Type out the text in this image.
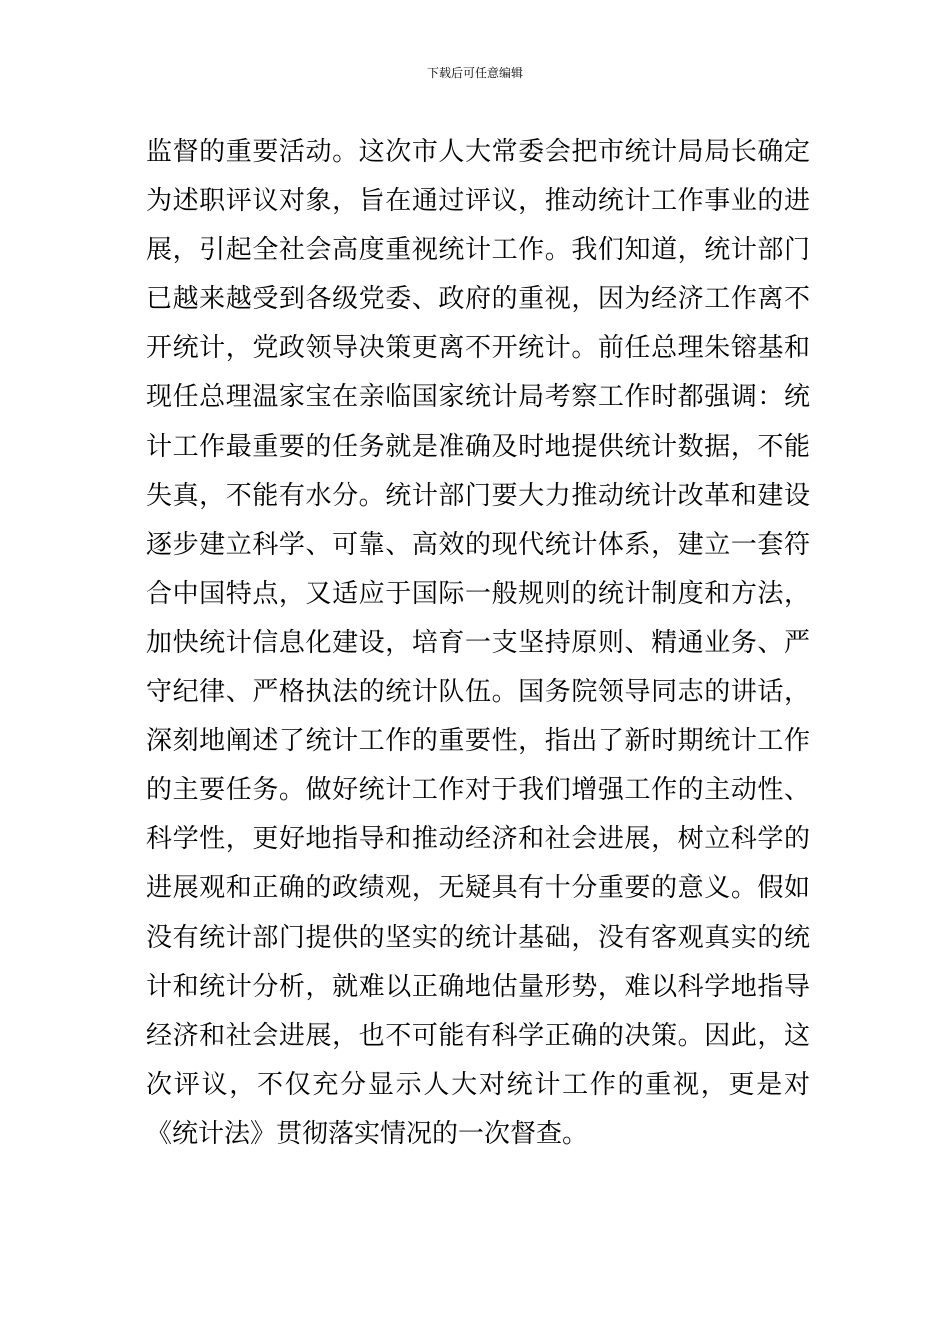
下载后可任意编辑
监督的重要活动。这次市人大常委会把市统计局局长确定
为述职评议对象，旨在通过评议，推动统计工作事业的进
展，引起全社会高度重视统计工作。我们知道，统计部门
已越来越受到各级党委、政府的重视，因为经济工作离不
开统计，党政领导决策更离不开统计。前任总理朱镕基和
现任总理温家宝在亲临国家统计局考察工作时都强调：统
计工作最重要的任务就是准确及时地提供统计数据，不能
失真，不能有水分。统计部门要大力推动统计改革和建设
逐步建立科学、可靠、高效的现代统计体系，建立一套符
合中国特点，又适应于国际一般规则的统计制度和方法，
加快统计信息化建设，培育一支坚持原则、精通业务、严
守纪律、严格执法的统计队伍。国务院领导同志的讲话，
深刻地阐述了统计工作的重要性，指出了新时期统计工作
的主要任务。做好统计工作对于我们增强工作的主动性、
科学性，更好地指导和推动经济和社会进展，树立科学的
进展观和正确的政绩观，无疑具有十分重要的意义。假如
没有统计部门提供的坚实的统计基础，没有客观真实的统
计和统计分析，就难以正确地估量形势，难以科学地指导
经济和社会进展，也不可能有科学正确的决策。因此，这
次评议，不仅充分显示人大对统计工作的重视，更是对
《统计法》贯彻落实情况的一次督查。
